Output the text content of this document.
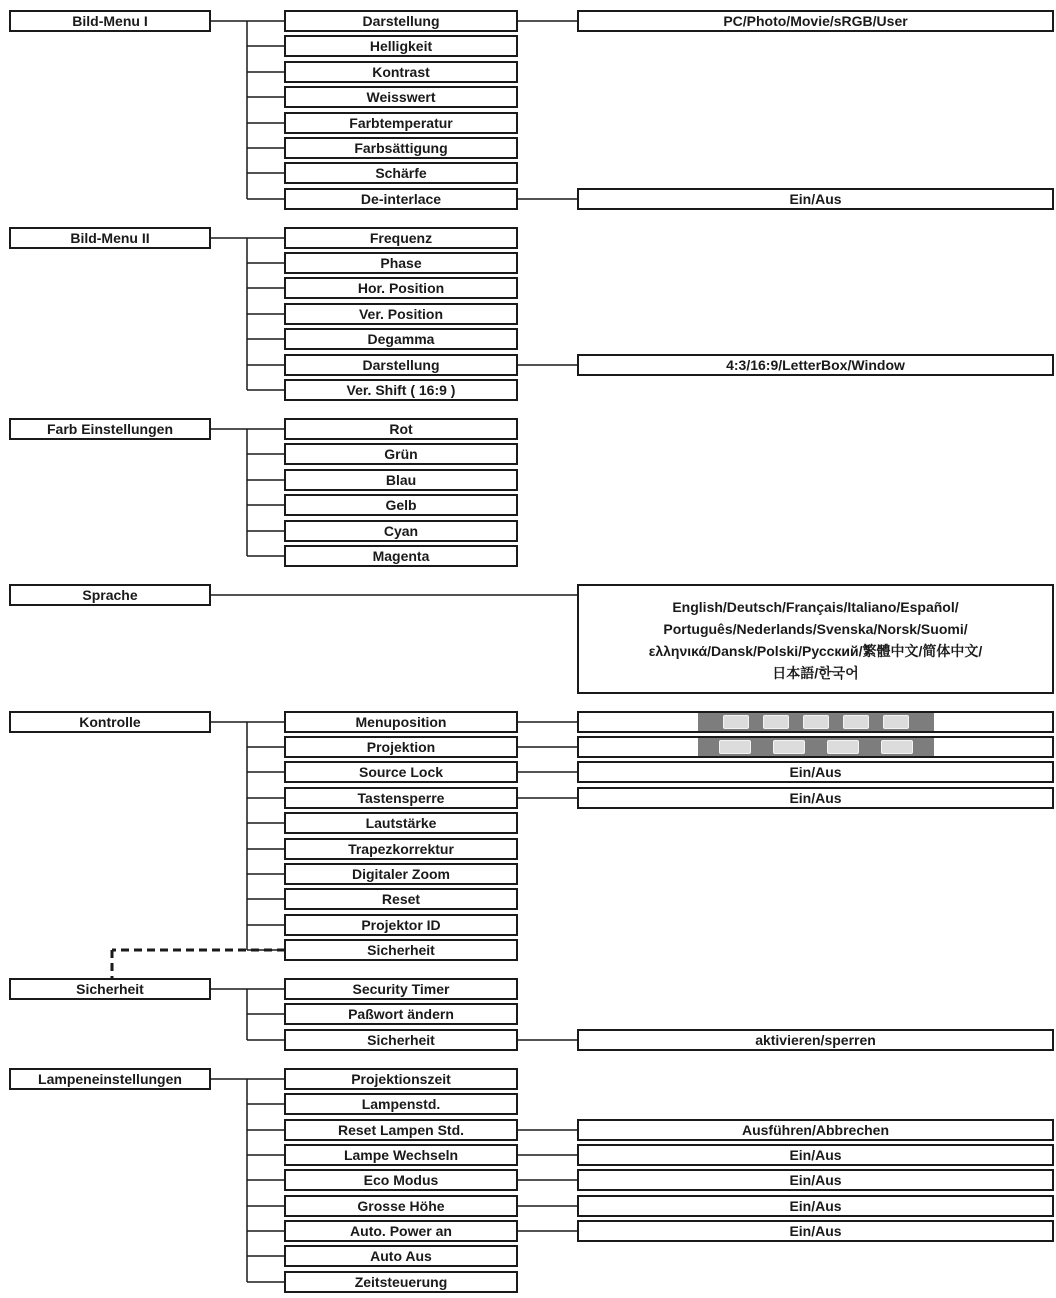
Bild-Menu I	Darstellung
Helligkeit
Kontrast
Weisswert
Farbtemperatur
Farbsättigung
Schärfe
De-interlace
PC/Photo/Movie/sRGB/User
Ein/Aus
Bild-Menu II	Frequenz
Phase
Hor. Position
Ver. Position
Degamma
Darstellung
Ver. Shift ( 16:9 )
4:3/16:9/LetterBox/Window
Farb Einstellungen	Rot
Grün
Blau
Gelb
Cyan
Magenta
Sprache
English/Deutsch/Français/Italiano/Español/
Português/Nederlands/Svenska/Norsk/Suomi/
ελληνικά/Dansk/Polski/Русский/繁體中文/简体中文/
日本語/한국어
Kontrolle	Menuposition
Projektion
Source Lock
Tastensperre
Lautstärke
Trapezkorrektur
Digitaler Zoom
Reset
Projektor ID
Sicherheit
Ein/Aus
Ein/Aus
Sicherheit	Security Timer
Paßwort ändern
Sicherheit	aktivieren/sperren
Lampeneinstellungen	Projektionszeit
Lampenstd.
Reset Lampen Std.
Lampe Wechseln
Eco Modus
Grosse Höhe
Auto. Power an
Auto Aus
Zeitsteuerung
Ausführen/Abbrechen
Ein/Aus
Ein/Aus
Ein/Aus
Ein/Aus
